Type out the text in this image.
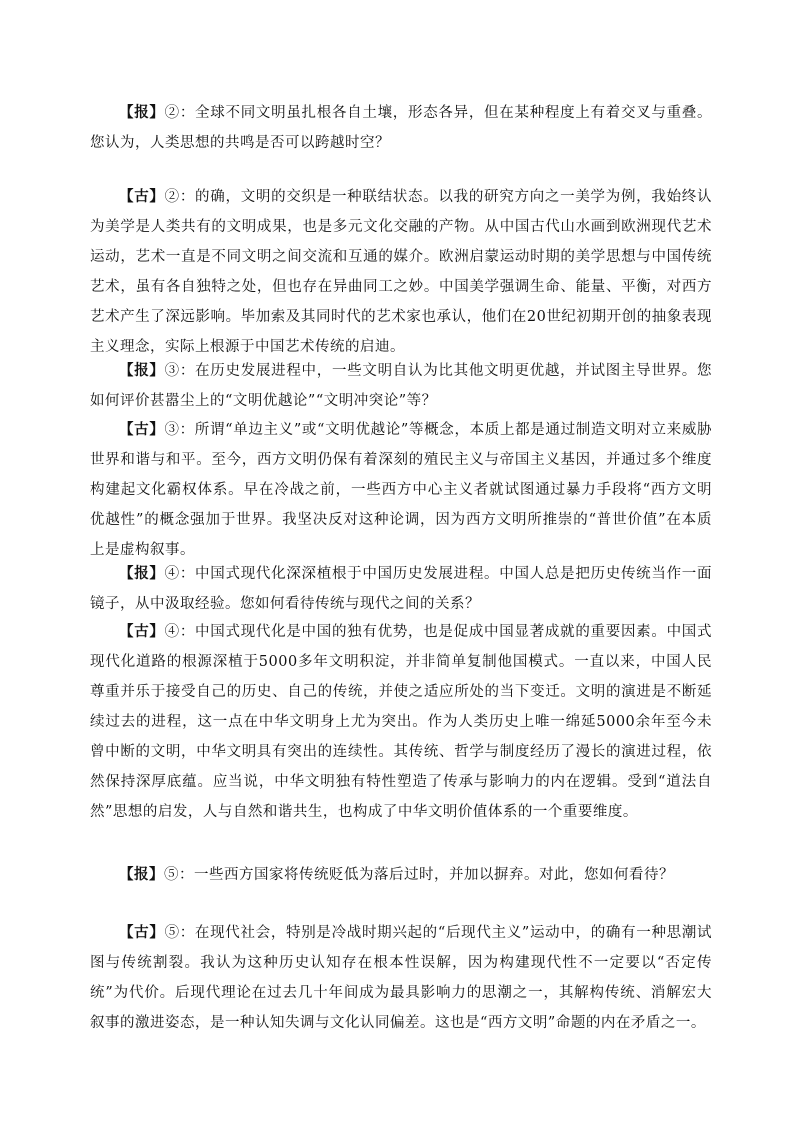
【报】②：全球不同文明虽扎根各自土壤，形态各异，但在某种程度上有着交叉与重叠。您认为，人类思想的共鸣是否可以跨越时空？

【古】②：的确，文明的交织是一种联结状态。以我的研究方向之一美学为例，我始终认为美学是人类共有的文明成果，也是多元文化交融的产物。从中国古代山水画到欧洲现代艺术运动，艺术一直是不同文明之间交流和互通的媒介。欧洲启蒙运动时期的美学思想与中国传统艺术，虽有各自独特之处，但也存在异曲同工之妙。中国美学强调生命、能量、平衡，对西方艺术产生了深远影响。毕加索及其同时代的艺术家也承认，他们在20世纪初期开创的抽象表现主义理念，实际上根源于中国艺术传统的启迪。

【报】③：在历史发展进程中，一些文明自认为比其他文明更优越，并试图主导世界。您如何评价甚嚣尘上的“文明优越论”“文明冲突论”等？

【古】③：所谓“单边主义”或“文明优越论”等概念，本质上都是通过制造文明对立来威胁世界和谐与和平。至今，西方文明仍保有着深刻的殖民主义与帝国主义基因，并通过多个维度构建起文化霸权体系。早在冷战之前，一些西方中心主义者就试图通过暴力手段将“西方文明优越性”的概念强加于世界。我坚决反对这种论调，因为西方文明所推崇的“普世价值”在本质上是虚构叙事。

【报】④：中国式现代化深深植根于中国历史发展进程。中国人总是把历史传统当作一面镜子，从中汲取经验。您如何看待传统与现代之间的关系？

【古】④：中国式现代化是中国的独有优势，也是促成中国显著成就的重要因素。中国式现代化道路的根源深植于5000多年文明积淀，并非简单复制他国模式。一直以来，中国人民尊重并乐于接受自己的历史、自己的传统，并使之适应所处的当下变迁。文明的演进是不断延续过去的进程，这一点在中华文明身上尤为突出。作为人类历史上唯一绵延5000余年至今未曾中断的文明，中华文明具有突出的连续性。其传统、哲学与制度经历了漫长的演进过程，依然保持深厚底蕴。应当说，中华文明独有特性塑造了传承与影响力的内在逻辑。受到“道法自然”思想的启发，人与自然和谐共生，也构成了中华文明价值体系的一个重要维度。

【报】⑤：一些西方国家将传统贬低为落后过时，并加以摒弃。对此，您如何看待？

【古】⑤：在现代社会，特别是冷战时期兴起的“后现代主义”运动中，的确有一种思潮试图与传统割裂。我认为这种历史认知存在根本性误解，因为构建现代性不一定要以“否定传统”为代价。后现代理论在过去几十年间成为最具影响力的思潮之一，其解构传统、消解宏大叙事的激进姿态，是一种认知失调与文化认同偏差。这也是“西方文明”命题的内在矛盾之一。
